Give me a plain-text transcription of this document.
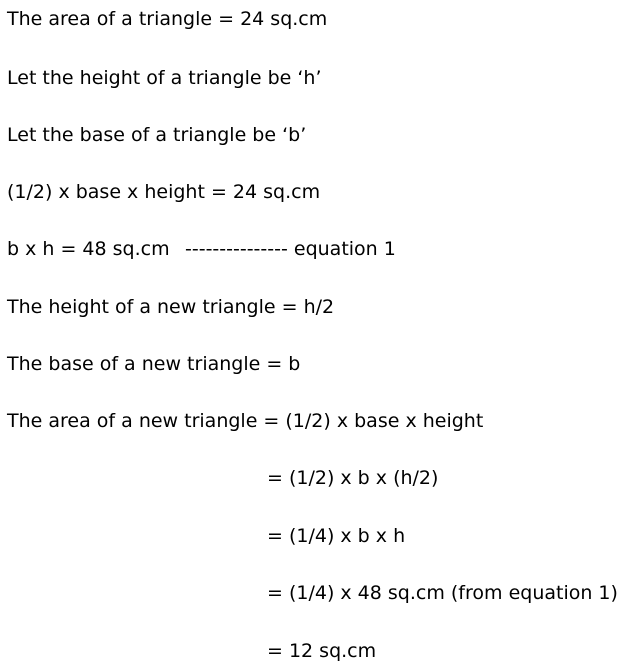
The area of a triangle = 24 sq.cm

Let the height of a triangle be ‘h’

Let the base of a triangle be ‘b’

(1/2) x base x height = 24 sq.cm

b x h = 48 sq.cm --------------- equation 1

The height of a new triangle = h/2

The base of a new triangle = b

The area of a new triangle = (1/2) x base x height

= (1/2) x b x (h/2)

= (1/4) x b x h

= (1/4) x 48 sq.cm (from equation 1)

= 12 sq.cm
